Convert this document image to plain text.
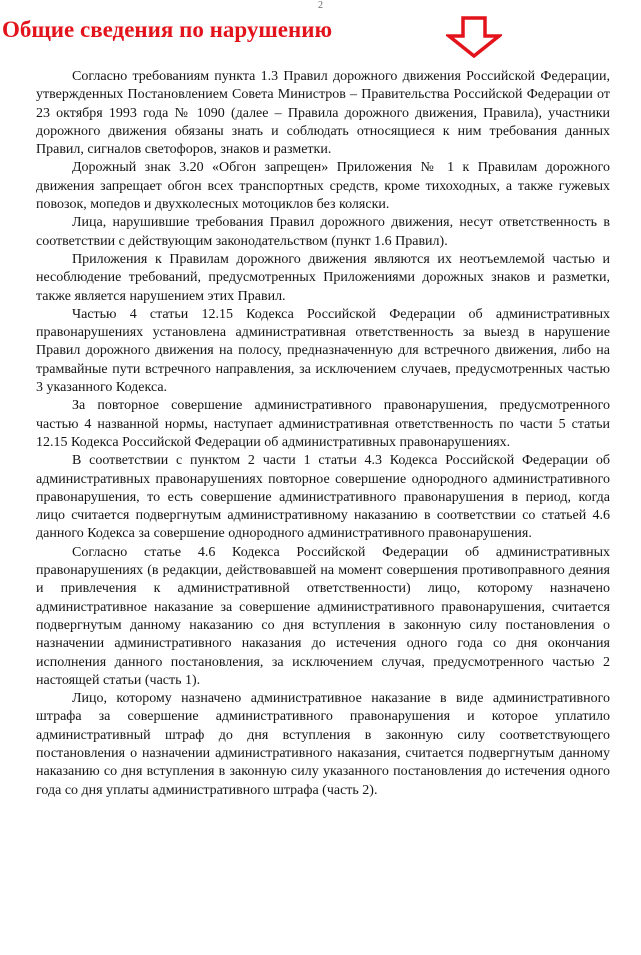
2
Общие сведения по нарушению

Согласно требованиям пункта 1.3 Правил дорожного движения Российской Федерации, утвержденных Постановлением Совета Министров – Правительства Российской Федерации от 23 октября 1993 года № 1090 (далее – Правила дорожного движения, Правила), участники дорожного движения обязаны знать и соблюдать относящиеся к ним требования данных Правил, сигналов светофоров, знаков и разметки.

Дорожный знак 3.20 «Обгон запрещен» Приложения № 1 к Правилам дорожного движения запрещает обгон всех транспортных средств, кроме тихоходных, а также гужевых повозок, мопедов и двухколесных мотоциклов без коляски.

Лица, нарушившие требования Правил дорожного движения, несут ответственность в соответствии с действующим законодательством (пункт 1.6 Правил).

Приложения к Правилам дорожного движения являются их неотъемлемой частью и несоблюдение требований, предусмотренных Приложениями дорожных знаков и разметки, также является нарушением этих Правил.

Частью 4 статьи 12.15 Кодекса Российской Федерации об административных правонарушениях установлена административная ответственность за выезд в нарушение Правил дорожного движения на полосу, предназначенную для встречного движения, либо на трамвайные пути встречного направления, за исключением случаев, предусмотренных частью 3 указанного Кодекса.

За повторное совершение административного правонарушения, предусмотренного частью 4 названной нормы, наступает административная ответственность по части 5 статьи 12.15 Кодекса Российской Федерации об административных правонарушениях.

В соответствии с пунктом 2 части 1 статьи 4.3 Кодекса Российской Федерации об административных правонарушениях повторное совершение однородного административного правонарушения, то есть совершение административного правонарушения в период, когда лицо считается подвергнутым административному наказанию в соответствии со статьей 4.6 данного Кодекса за совершение однородного административного правонарушения.

Согласно статье 4.6 Кодекса Российской Федерации об административных правонарушениях (в редакции, действовавшей на момент совершения противоправного деяния и привлечения к административной ответственности) лицо, которому назначено административное наказание за совершение административного правонарушения, считается подвергнутым данному наказанию со дня вступления в законную силу постановления о назначении административного наказания до истечения одного года со дня окончания исполнения данного постановления, за исключением случая, предусмотренного частью 2 настоящей статьи (часть 1).

Лицо, которому назначено административное наказание в виде административного штрафа за совершение административного правонарушения и которое уплатило административный штраф до дня вступления в законную силу соответствующего постановления о назначении административного наказания, считается подвергнутым данному наказанию со дня вступления в законную силу указанного постановления до истечения одного года со дня уплаты административного штрафа (часть 2).
